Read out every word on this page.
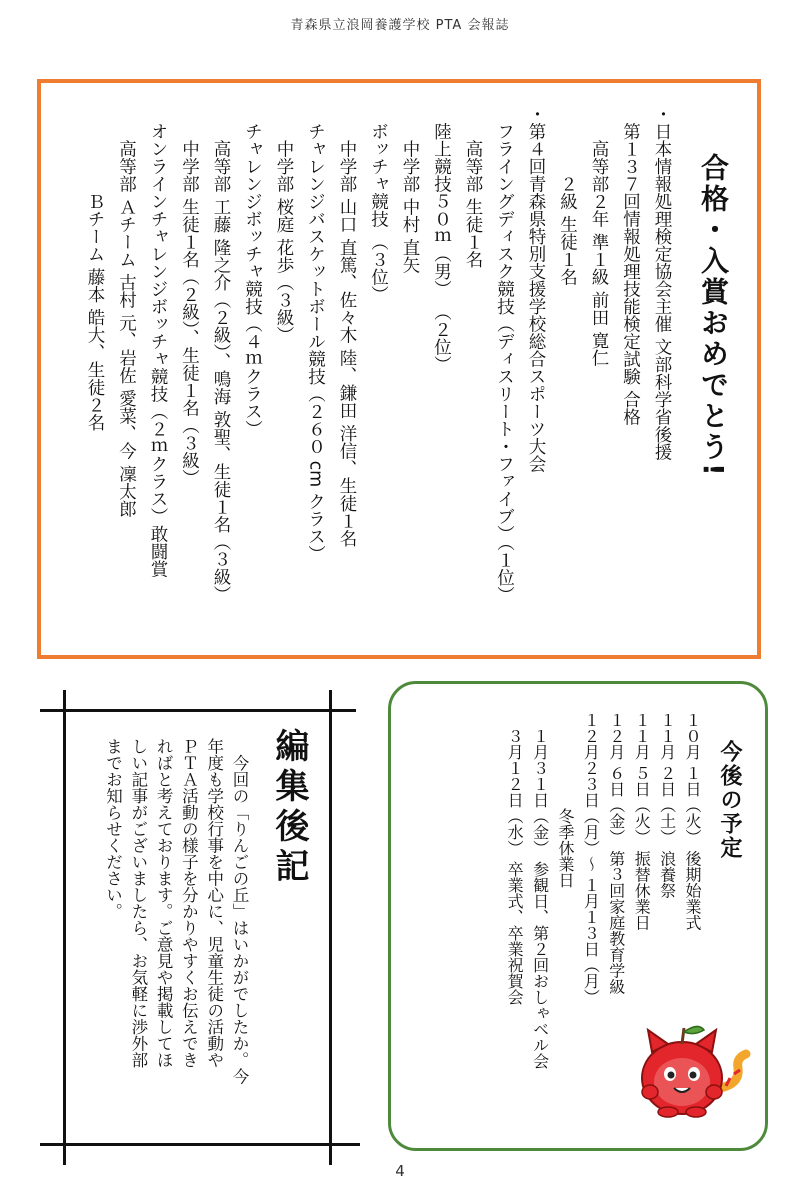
青森県立浪岡養護学校 PTA 会報誌
合格・入賞おめでとう!
・日本情報処理検定協会主催 文部科学省後援
　第１３７回情報処理技能検定試験 合格
　　高等部２年 準１級 前田 寛仁
　　　　２級 生徒１名
・第４回青森県特別支援学校総合スポーツ大会
　フライングディスク競技（ディスリート・ファイブ）（１位）
　　高等部 生徒１名
　陸上競技５０ｍ（男） （２位）
　　中学部 中村 直矢
　ボッチャ競技 （３位）
　　中学部 山口 直篤、佐々木 陸、鎌田 洋信、生徒１名
　チャレンジバスケットボール競技（２６０ cm クラス）
　　中学部 桜庭 花歩（３級）
　チャレンジボッチャ競技（４ｍクラス）
　　高等部 工藤 隆之介（２級）、鳴海 敦聖、生徒１名（３級）
　　中学部 生徒１名（２級）、生徒１名（３級）
　オンラインチャレンジボッチャ競技（２ｍクラス）敢闘賞
　　高等部 Ａチーム 古村 元、岩佐 愛菜、今 凜太郎
　　　　　Ｂチーム 藤本 皓大、生徒２名
編集後記
　今回の「りんごの丘」はいかがでしたか。今
年度も学校行事を中心に、児童生徒の活動や
ＰＴＡ活動の様子を分かりやすくお伝えでき
ればと考えております。ご意見や掲載してほ
しい記事がございましたら、お気軽に渉外部
までお知らせください。	今後の予定
１０月 １日（火） 後期始業式
１１月 ２日（土） 浪養祭
１１月 ５日（火） 振替休業日
１２月 ６日（金） 第３回家庭教育学級
１２月２３日（月）～ １月１３日（月）
　　　　　　冬季休業日
　１月３１日（金） 参観日、第２回おしゃベル会
　３月１２日（水） 卒業式、卒業祝賀会
4
